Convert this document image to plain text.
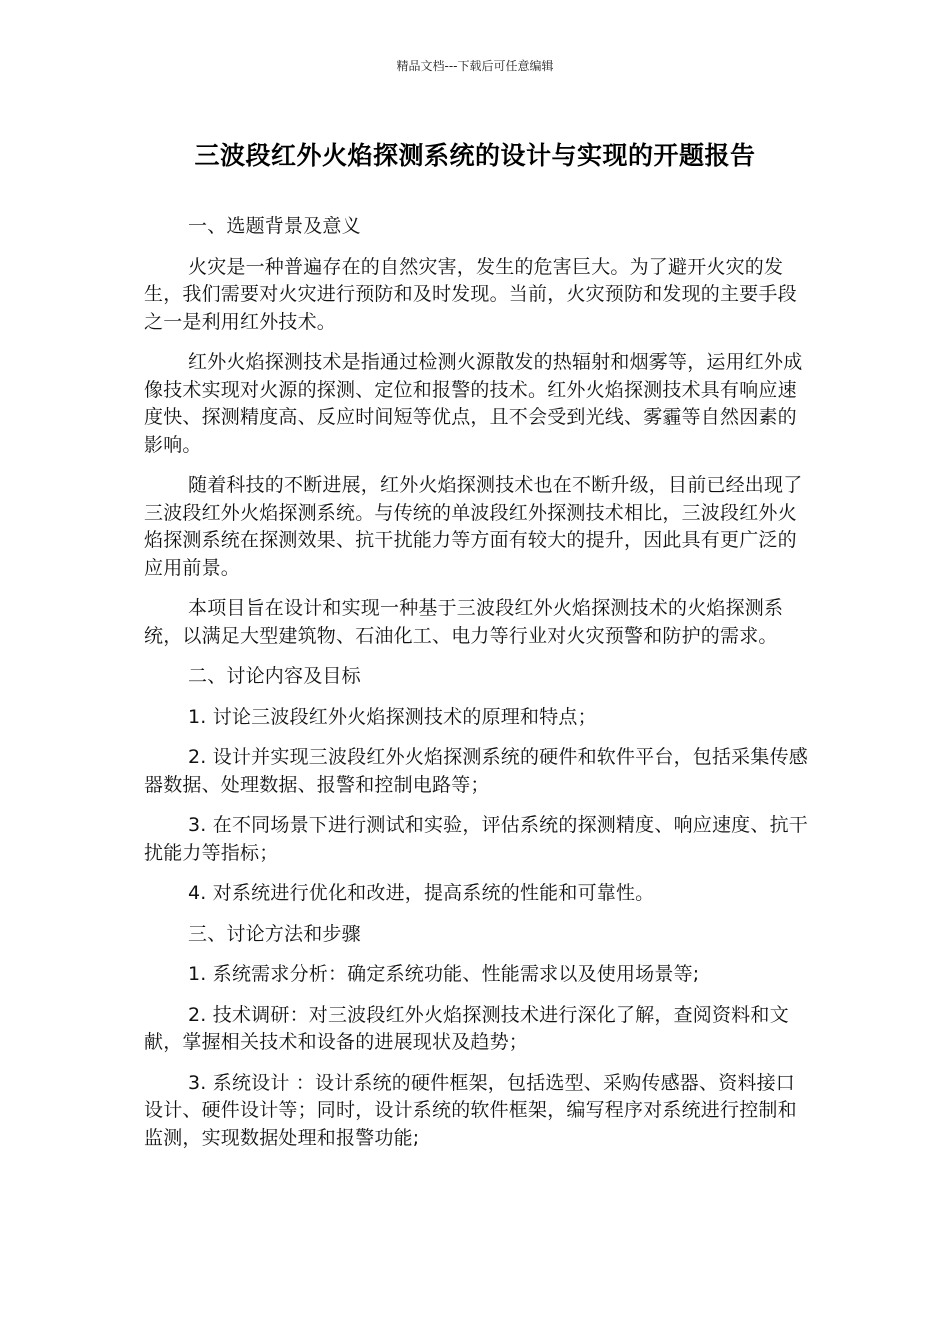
精品文档---下载后可任意编辑
三波段红外火焰探测系统的设计与实现的开题报告

一、选题背景及意义

火灾是一种普遍存在的自然灾害，发生的危害巨大。为了避开火灾的发生，我们需要对火灾进行预防和及时发现。当前，火灾预防和发现的主要手段之一是利用红外技术。

红外火焰探测技术是指通过检测火源散发的热辐射和烟雾等，运用红外成像技术实现对火源的探测、定位和报警的技术。红外火焰探测技术具有响应速度快、探测精度高、反应时间短等优点，且不会受到光线、雾霾等自然因素的影响。

随着科技的不断进展，红外火焰探测技术也在不断升级，目前已经出现了三波段红外火焰探测系统。与传统的单波段红外探测技术相比，三波段红外火焰探测系统在探测效果、抗干扰能力等方面有较大的提升，因此具有更广泛的应用前景。

本项目旨在设计和实现一种基于三波段红外火焰探测技术的火焰探测系统，以满足大型建筑物、石油化工、电力等行业对火灾预警和防护的需求。

二、讨论内容及目标

1. 讨论三波段红外火焰探测技术的原理和特点；

2. 设计并实现三波段红外火焰探测系统的硬件和软件平台，包括采集传感器数据、处理数据、报警和控制电路等；

3. 在不同场景下进行测试和实验，评估系统的探测精度、响应速度、抗干扰能力等指标；

4. 对系统进行优化和改进，提高系统的性能和可靠性。

三、讨论方法和步骤

1. 系统需求分析：确定系统功能、性能需求以及使用场景等;

2. 技术调研：对三波段红外火焰探测技术进行深化了解，查阅资料和文献，掌握相关技术和设备的进展现状及趋势；

3. 系统设计 ：设计系统的硬件框架，包括选型、采购传感器、资料接口设计、硬件设计等；同时，设计系统的软件框架，编写程序对系统进行控制和监测，实现数据处理和报警功能;
